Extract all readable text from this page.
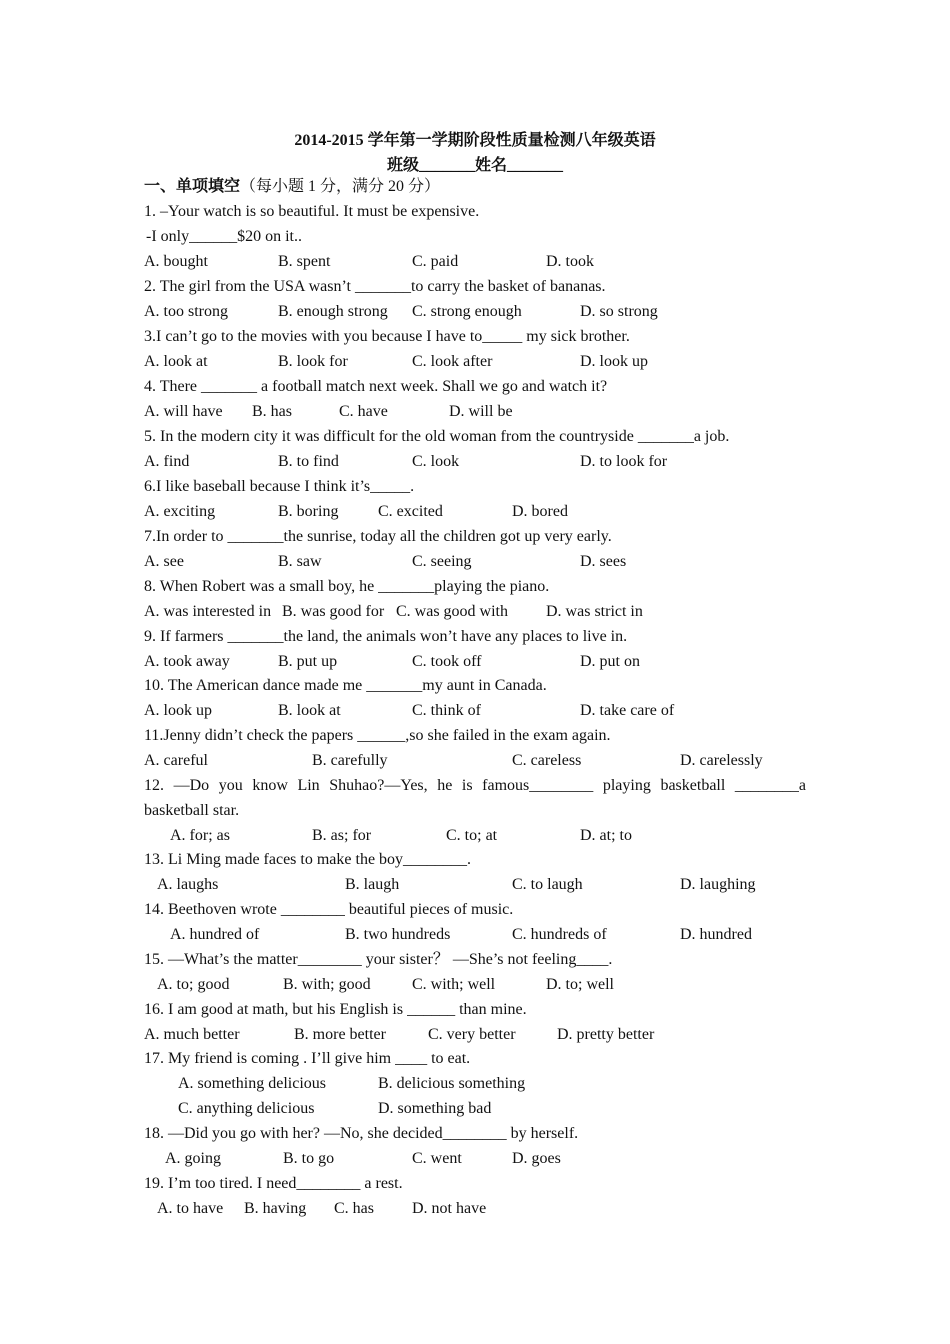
2014-2015 学年第一学期阶段性质量检测八年级英语
班级_______姓名_______
一、单项填空（每小题 1 分，满分 20 分）
1. –Your watch is so beautiful. It must be expensive.
-I only______$20 on it..
A. bought	B. spent	C. paid	D. took
2. The girl from the USA wasn’t _______to carry the basket of bananas.
A. too strong	B. enough strong C. strong enough	D. so strong
3.I can’t go to the movies with you because I have to_____ my sick brother.
A. look at	B. look for	C. look after	D. look up
4. There _______ a football match next week. Shall we go and watch it?
A. will have B. has	C. have	D. will be
5. In the modern city it was difficult for the old woman from the countryside _______a job.
A. find	B. to find	C. look	D. to look for
6.I like baseball because I think it’s_____.
A. exciting	B. boring C. excited	D. bored
7.In order to _______the sunrise, today all the children got up very early.
A. see	B. saw	C. seeing	D. sees
8. When Robert was a small boy, he _______playing the piano.
A. was interested in B. was good for C. was good with D. was strict in
9. If farmers _______the land, the animals won’t have any places to live in.
A. took away	B. put up	C. took off	D. put on
10. The American dance made me _______my aunt in Canada.
A. look up	B. look at	C. think of	D. take care of
11.Jenny didn’t check the papers ______,so she failed in the exam again.
A. careful	B. carefully	C. careless	D. carelessly
12. —Do you know Lin Shuhao?—Yes, he is famous________ playing basketball ________a
basketball star.
A. for; as	B. as; for	C. to; at	D. at; to
13. Li Ming made faces to make the boy________.
A. laughs	B. laugh	C. to laugh	D. laughing
14. Beethoven wrote ________ beautiful pieces of music.
A. hundred of	B. two hundreds	C. hundreds of	D. hundred
15. —What’s the matter________ your sister？ —She’s not feeling____.
A. to; good	B. with; good	C. with; well	D. to; well
16. I am good at math, but his English is ______ than mine.
A. much better	B. more better	C. very better	D. pretty better
17. My friend is coming . I’ll give him ____ to eat.
A. something delicious	B. delicious something
C. anything delicious	D. something bad
18. —Did you go with her? —No, she decided________ by herself.
A. going	B. to go	C. went	D. goes
19. I’m too tired. I need________ a rest.
A. to have B. having C. has D. not have
